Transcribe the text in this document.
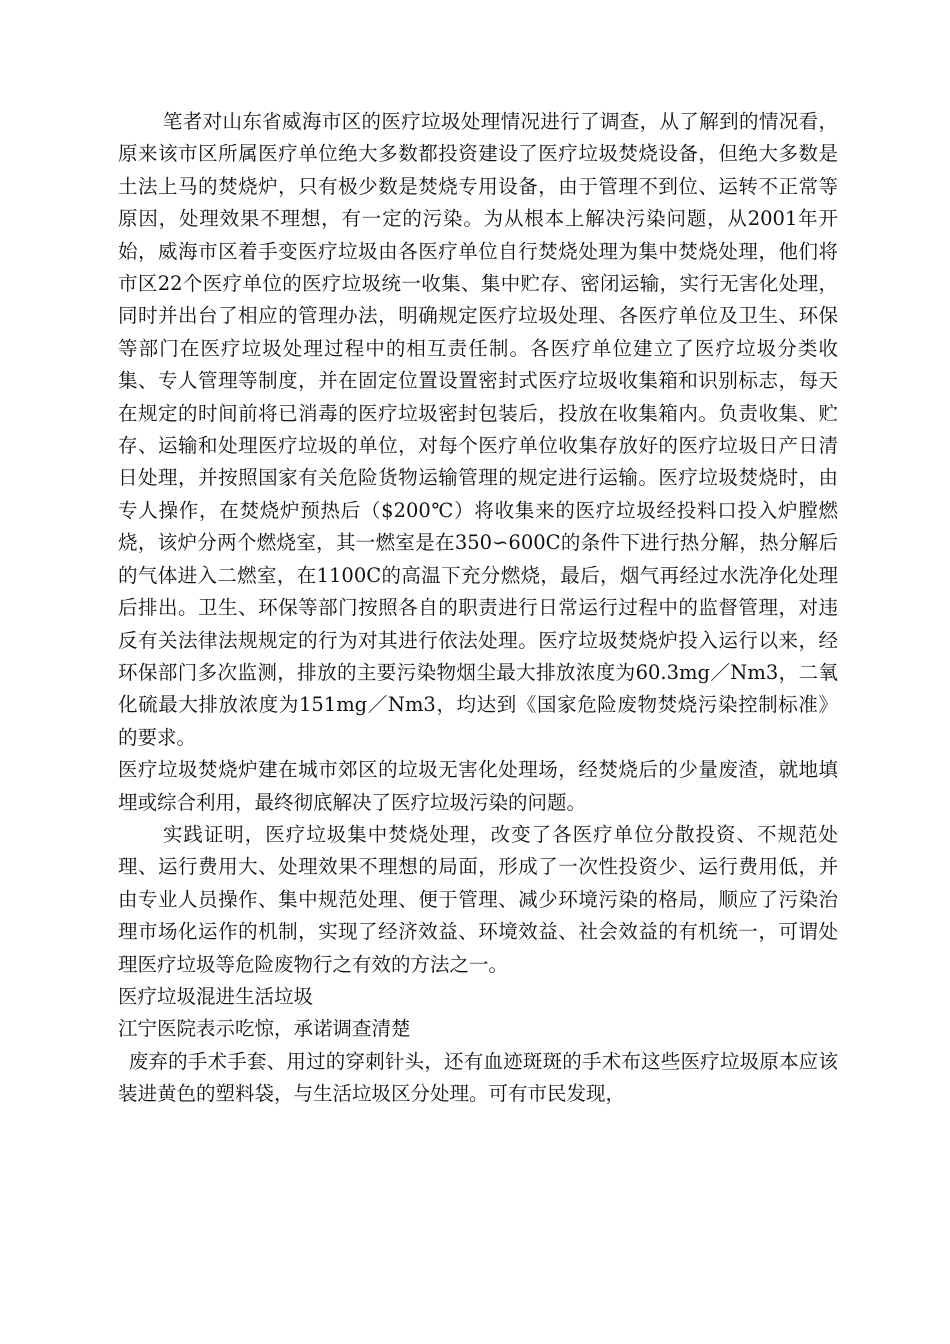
笔者对山东省威海市区的医疗垃圾处理情况进行了调查，从了解到的情况看，原来该市区所属医疗单位绝大多数都投资建设了医疗垃圾焚烧设备，但绝大多数是土法上马的焚烧炉，只有极少数是焚烧专用设备，由于管理不到位、运转不正常等原因，处理效果不理想，有一定的污染。为从根本上解决污染问题，从2001年开始，威海市区着手变医疗垃圾由各医疗单位自行焚烧处理为集中焚烧处理，他们将市区22个医疗单位的医疗垃圾统一收集、集中贮存、密闭运输，实行无害化处理，同时并出台了相应的管理办法，明确规定医疗垃圾处理、各医疗单位及卫生、环保等部门在医疗垃圾处理过程中的相互责任制。各医疗单位建立了医疗垃圾分类收集、专人管理等制度，并在固定位置设置密封式医疗垃圾收集箱和识别标志，每天在规定的时间前将已消毒的医疗垃圾密封包装后，投放在收集箱内。负责收集、贮存、运输和处理医疗垃圾的单位，对每个医疗单位收集存放好的医疗垃圾日产日清日处理，并按照国家有关危险货物运输管理的规定进行运输。医疗垃圾焚烧时，由专人操作，在焚烧炉预热后（$200℃）将收集来的医疗垃圾经投料口投入炉膛燃烧，该炉分两个燃烧室，其一燃室是在350∽600C的条件下进行热分解，热分解后的气体进入二燃室，在1100C的高温下充分燃烧，最后，烟气再经过水洗净化处理后排出。卫生、环保等部门按照各自的职责进行日常运行过程中的监督管理，对违反有关法律法规规定的行为对其进行依法处理。医疗垃圾焚烧炉投入运行以来，经环保部门多次监测，排放的主要污染物烟尘最大排放浓度为60.3mg／Nm3，二氧化硫最大排放浓度为151mg／Nm3，均达到《国家危险废物焚烧污染控制标准》的要求。

医疗垃圾焚烧炉建在城市郊区的垃圾无害化处理场，经焚烧后的少量废渣，就地填埋或综合利用，最终彻底解决了医疗垃圾污染的问题。

实践证明，医疗垃圾集中焚烧处理，改变了各医疗单位分散投资、不规范处理、运行费用大、处理效果不理想的局面，形成了一次性投资少、运行费用低，并由专业人员操作、集中规范处理、便于管理、减少环境污染的格局，顺应了污染治理市场化运作的机制，实现了经济效益、环境效益、社会效益的有机统一，可谓处理医疗垃圾等危险废物行之有效的方法之一。

医疗垃圾混进生活垃圾

江宁医院表示吃惊，承诺调查清楚

废弃的手术手套、用过的穿刺针头，还有血迹斑斑的手术布这些医疗垃圾原本应该装进黄色的塑料袋，与生活垃圾区分处理。可有市民发现，
